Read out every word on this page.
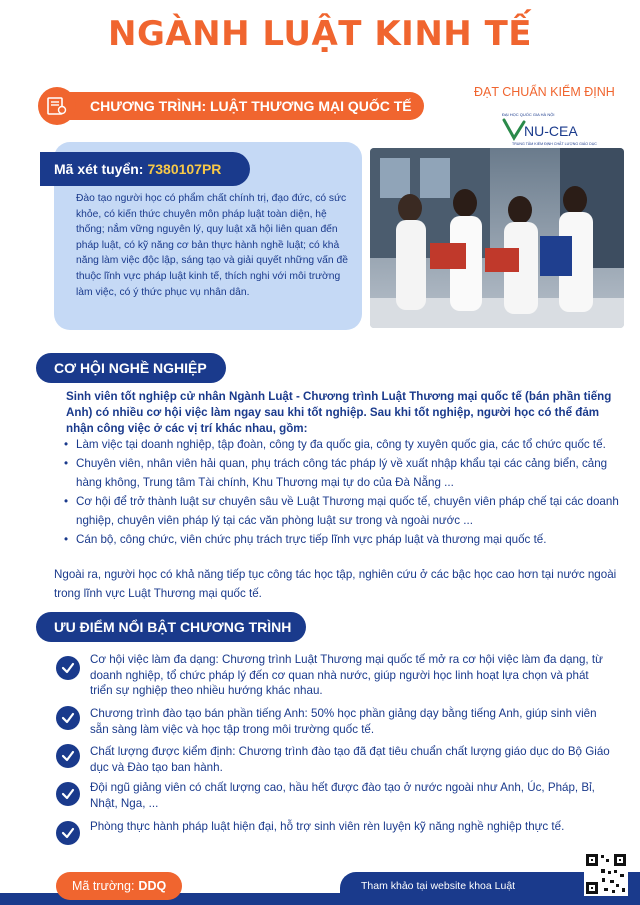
NGÀNH LUẬT KINH TẾ
CHƯƠNG TRÌNH: LUẬT THƯƠNG MẠI QUỐC TẾ
ĐẠT CHUẨN KIỂM ĐỊNH
ĐẠI HỌC QUỐC GIA HÀ NỘI
NU-CEA
TRUNG TÂM KIỂM ĐỊNH CHẤT LƯỢNG GIÁO DỤC
Mã xét tuyển: 7380107PR
Đào tạo người học có phẩm chất chính trị, đạo đức, có sức khỏe, có kiến thức chuyên môn pháp luật toàn diện, hệ thống; nắm vững nguyên lý, quy luật xã hội liên quan đến pháp luật, có kỹ năng cơ bản thực hành nghề luật; có khả năng làm việc độc lập, sáng tạo và giải quyết những vấn đề thuộc lĩnh vực pháp luật kinh tế, thích nghi với môi trường làm việc, có ý thức phục vụ nhân dân.
CƠ HỘI NGHỀ NGHIỆP
Sinh viên tốt nghiệp cử nhân Ngành Luật - Chương trình Luật Thương mại quốc tế (bán phần tiếng Anh) có nhiều cơ hội việc làm ngay sau khi tốt nghiệp. Sau khi tốt nghiệp, người học có thể đảm nhận công việc ở các vị trí khác nhau, gồm:
• Làm việc tại doanh nghiệp, tập đoàn, công ty đa quốc gia, công ty xuyên quốc gia, các tổ chức quốc tế.
• Chuyên viên, nhân viên hải quan, phụ trách công tác pháp lý về xuất nhập khẩu tại các cảng biển, cảng hàng không, Trung tâm Tài chính, Khu Thương mại tự do của Đà Nẵng ...
• Cơ hội để trở thành luật sư chuyên sâu về Luật Thương mại quốc tế, chuyên viên pháp chế tại các doanh nghiệp, chuyên viên pháp lý tại các văn phòng luật sư trong và ngoài nước ...
• Cán bộ, công chức, viên chức phụ trách trực tiếp lĩnh vực pháp luật và thương mại quốc tế.
Ngoài ra, người học có khả năng tiếp tục công tác học tập, nghiên cứu ở các bậc học cao hơn tại nước ngoài trong lĩnh vực Luật Thương mại quốc tế.
ƯU ĐIỂM NỔI BẬT CHƯƠNG TRÌNH
Cơ hội việc làm đa dạng: Chương trình Luật Thương mại quốc tế mở ra cơ hội việc làm đa dạng, từ doanh nghiệp, tổ chức pháp lý đến cơ quan nhà nước, giúp người học linh hoạt lựa chọn và phát triển sự nghiệp theo nhiều hướng khác nhau.
Chương trình đào tạo bán phần tiếng Anh: 50% học phần giảng dạy bằng tiếng Anh, giúp sinh viên sẵn sàng làm việc và học tập trong môi trường quốc tế.
Chất lượng được kiểm định: Chương trình đào tạo đã đạt tiêu chuẩn chất lượng giáo dục do Bộ Giáo dục và Đào tạo ban hành.
Đội ngũ giảng viên có chất lượng cao, hầu hết được đào tạo ở nước ngoài như Anh, Úc, Pháp, Bỉ, Nhật, Nga, ...
Phòng thực hành pháp luật hiện đại, hỗ trợ sinh viên rèn luyện kỹ năng nghề nghiệp thực tế.
Mã trường: DDQ	Tham khảo tại website khoa Luật
